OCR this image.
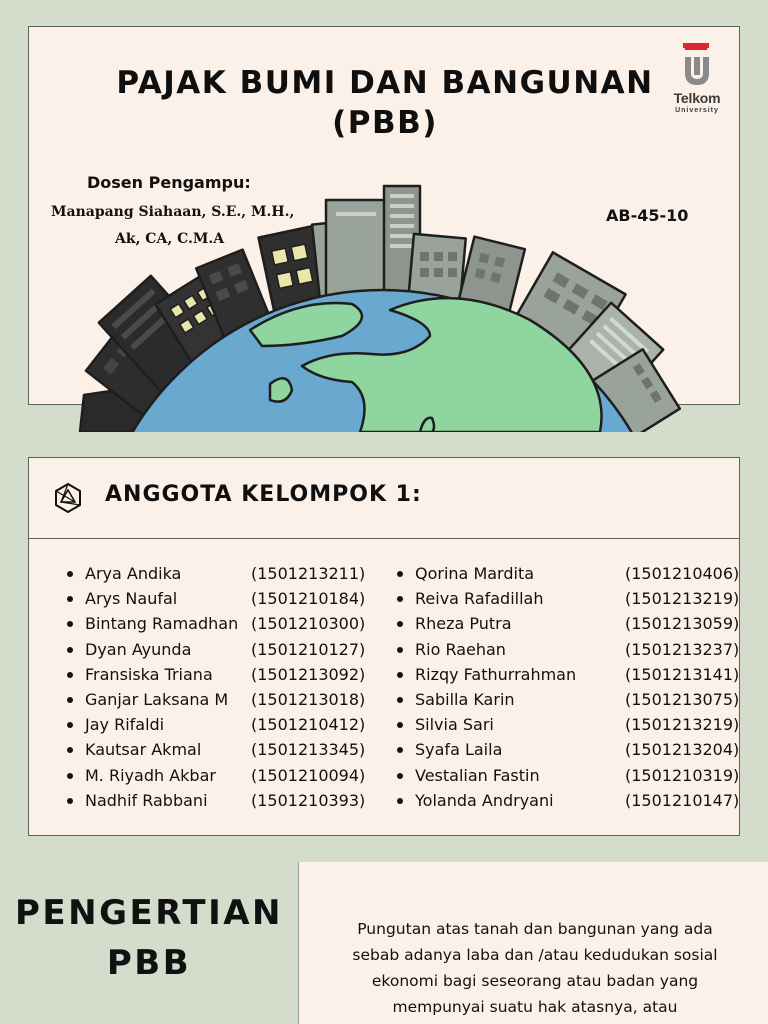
PAJAK BUMI DAN BANGUNAN
(PBB)
Dosen Pengampu:
Manapang Siahaan, S.E., M.H.,
Ak, CA, C.M.A
AB-45-10
Telkom
University
ANGGOTA KELOMPOK 1:
Arya Andika	(1501213211)
Arys Naufal	(1501210184)
Bintang Ramadhan (1501210300)
Dyan Ayunda	(1501210127)
Fransiska Triana (1501213092)
Ganjar Laksana M (1501213018)
Jay Rifaldi	(1501210412)
Kautsar Akmal	(1501213345)
M. Riyadh Akbar (1501210094)
Nadhif Rabbani	(1501210393)
Qorina Mardita	(1501210406)
Reiva Rafadillah	(1501213219)
Rheza Putra	(1501213059)
Rio Raehan	(1501213237)
Rizqy Fathurrahman	(1501213141)
Sabilla Karin	(1501213075)
Silvia Sari	(1501213219)
Syafa Laila	(1501213204)
Vestalian Fastin	(1501210319)
Yolanda Andryani	(1501210147)
PENGERTIAN
PBB
Pungutan atas tanah dan bangunan yang ada sebab adanya laba dan /atau kedudukan sosial ekonomi bagi seseorang atau badan yang mempunyai suatu hak atasnya, atau
